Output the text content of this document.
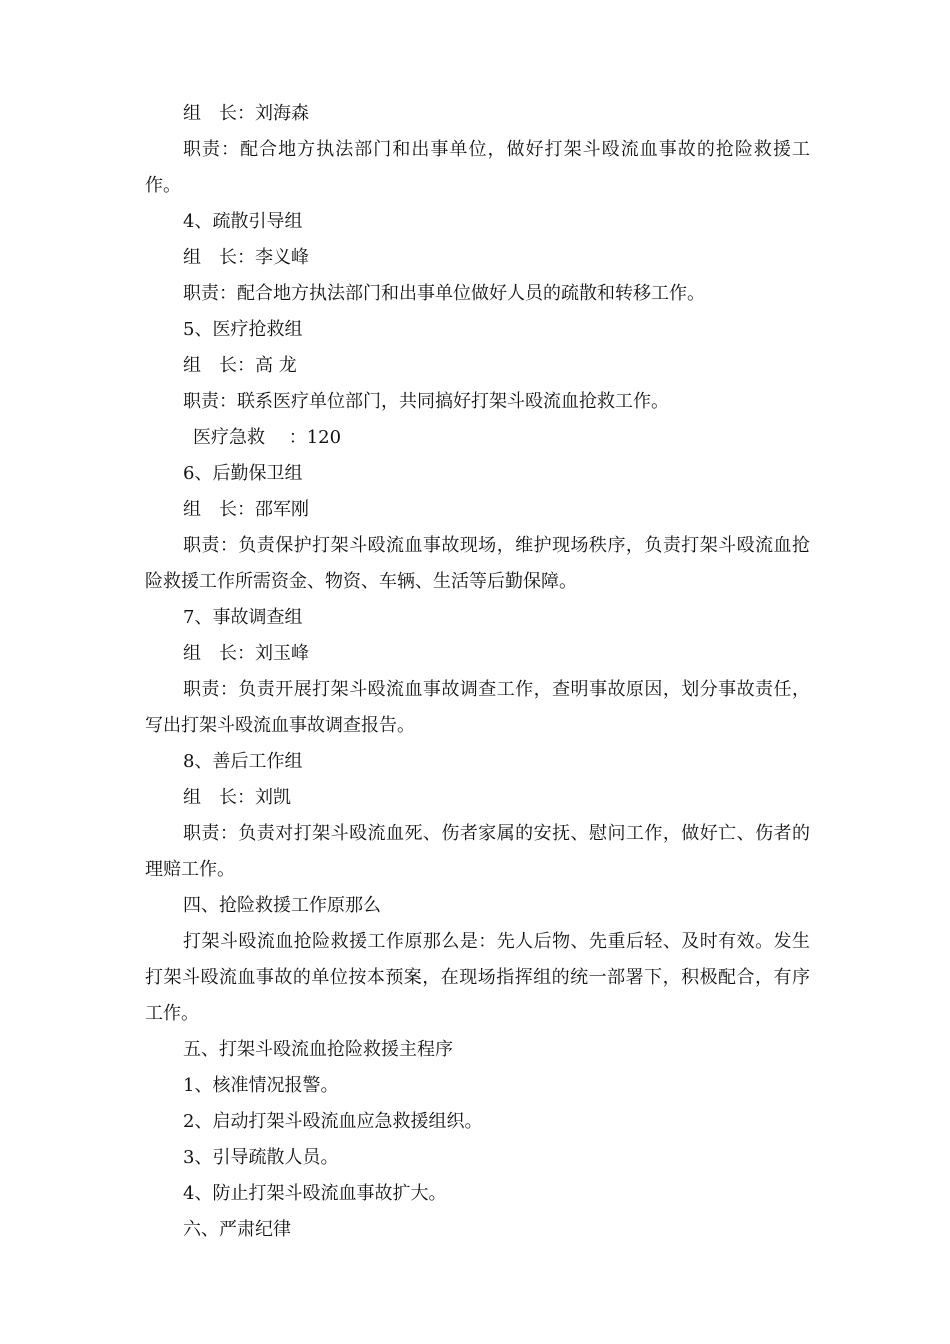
组　长：刘海森

职责：配合地方执法部门和出事单位，做好打架斗殴流血事故的抢险救援工作。

4、疏散引导组

组　长：李义峰

职责：配合地方执法部门和出事单位做好人员的疏散和转移工作。

5、医疗抢救组

组　长：高 龙

职责：联系医疗单位部门，共同搞好打架斗殴流血抢救工作。

医疗急救　 ：120

6、后勤保卫组

组　长：邵军刚

职责：负责保护打架斗殴流血事故现场，维护现场秩序，负责打架斗殴流血抢险救援工作所需资金、物资、车辆、生活等后勤保障。

7、事故调查组

组　长：刘玉峰

职责：负责开展打架斗殴流血事故调查工作，查明事故原因，划分事故责任，写出打架斗殴流血事故调查报告。

8、善后工作组

组　长：刘凯

职责：负责对打架斗殴流血死、伤者家属的安抚、慰问工作，做好亡、伤者的理赔工作。

四、抢险救援工作原那么

打架斗殴流血抢险救援工作原那么是：先人后物、先重后轻、及时有效。发生打架斗殴流血事故的单位按本预案，在现场指挥组的统一部署下，积极配合，有序工作。

五、打架斗殴流血抢险救援主程序

1、核准情况报警。

2、启动打架斗殴流血应急救援组织。

3、引导疏散人员。

4、防止打架斗殴流血事故扩大。

六、严肃纪律
